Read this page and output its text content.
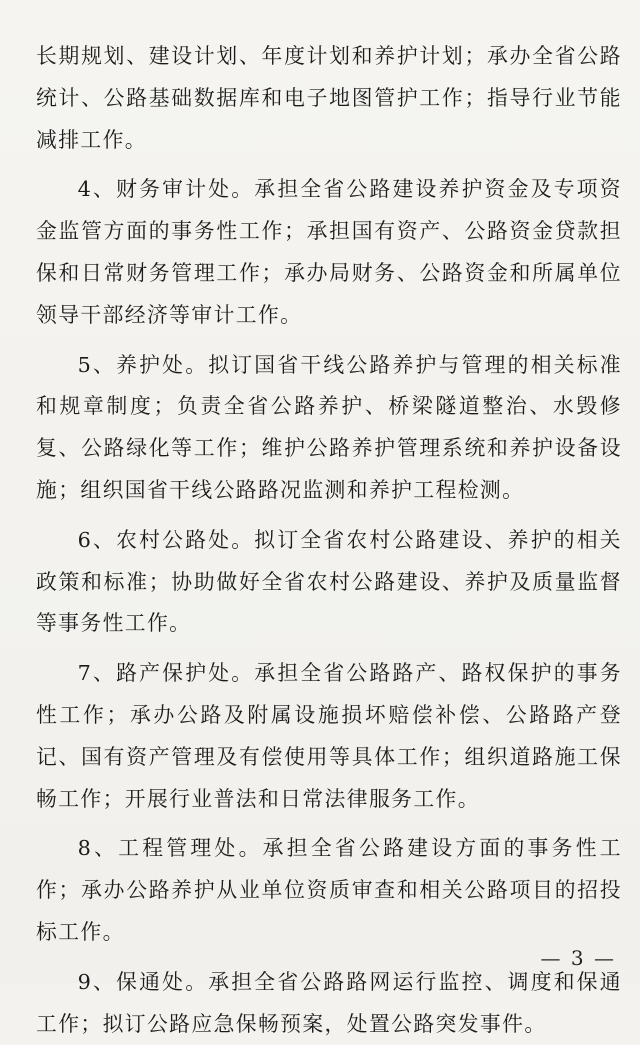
长期规划、建设计划、年度计划和养护计划；承办全省公路统计、公路基础数据库和电子地图管护工作；指导行业节能减排工作。

4、财务审计处。承担全省公路建设养护资金及专项资金监管方面的事务性工作；承担国有资产、公路资金贷款担保和日常财务管理工作；承办局财务、公路资金和所属单位领导干部经济等审计工作。

5、养护处。拟订国省干线公路养护与管理的相关标准和规章制度；负责全省公路养护、桥梁隧道整治、水毁修复、公路绿化等工作；维护公路养护管理系统和养护设备设施；组织国省干线公路路况监测和养护工程检测。

6、农村公路处。拟订全省农村公路建设、养护的相关政策和标准；协助做好全省农村公路建设、养护及质量监督等事务性工作。

7、路产保护处。承担全省公路路产、路权保护的事务性工作；承办公路及附属设施损坏赔偿补偿、公路路产登记、国有资产管理及有偿使用等具体工作；组织道路施工保畅工作；开展行业普法和日常法律服务工作。

8、工程管理处。承担全省公路建设方面的事务性工作；承办公路养护从业单位资质审查和相关公路项目的招投标工作。

9、保通处。承担全省公路路网运行监控、调度和保通工作；拟订公路应急保畅预案，处置公路突发事件。

— 3 —
